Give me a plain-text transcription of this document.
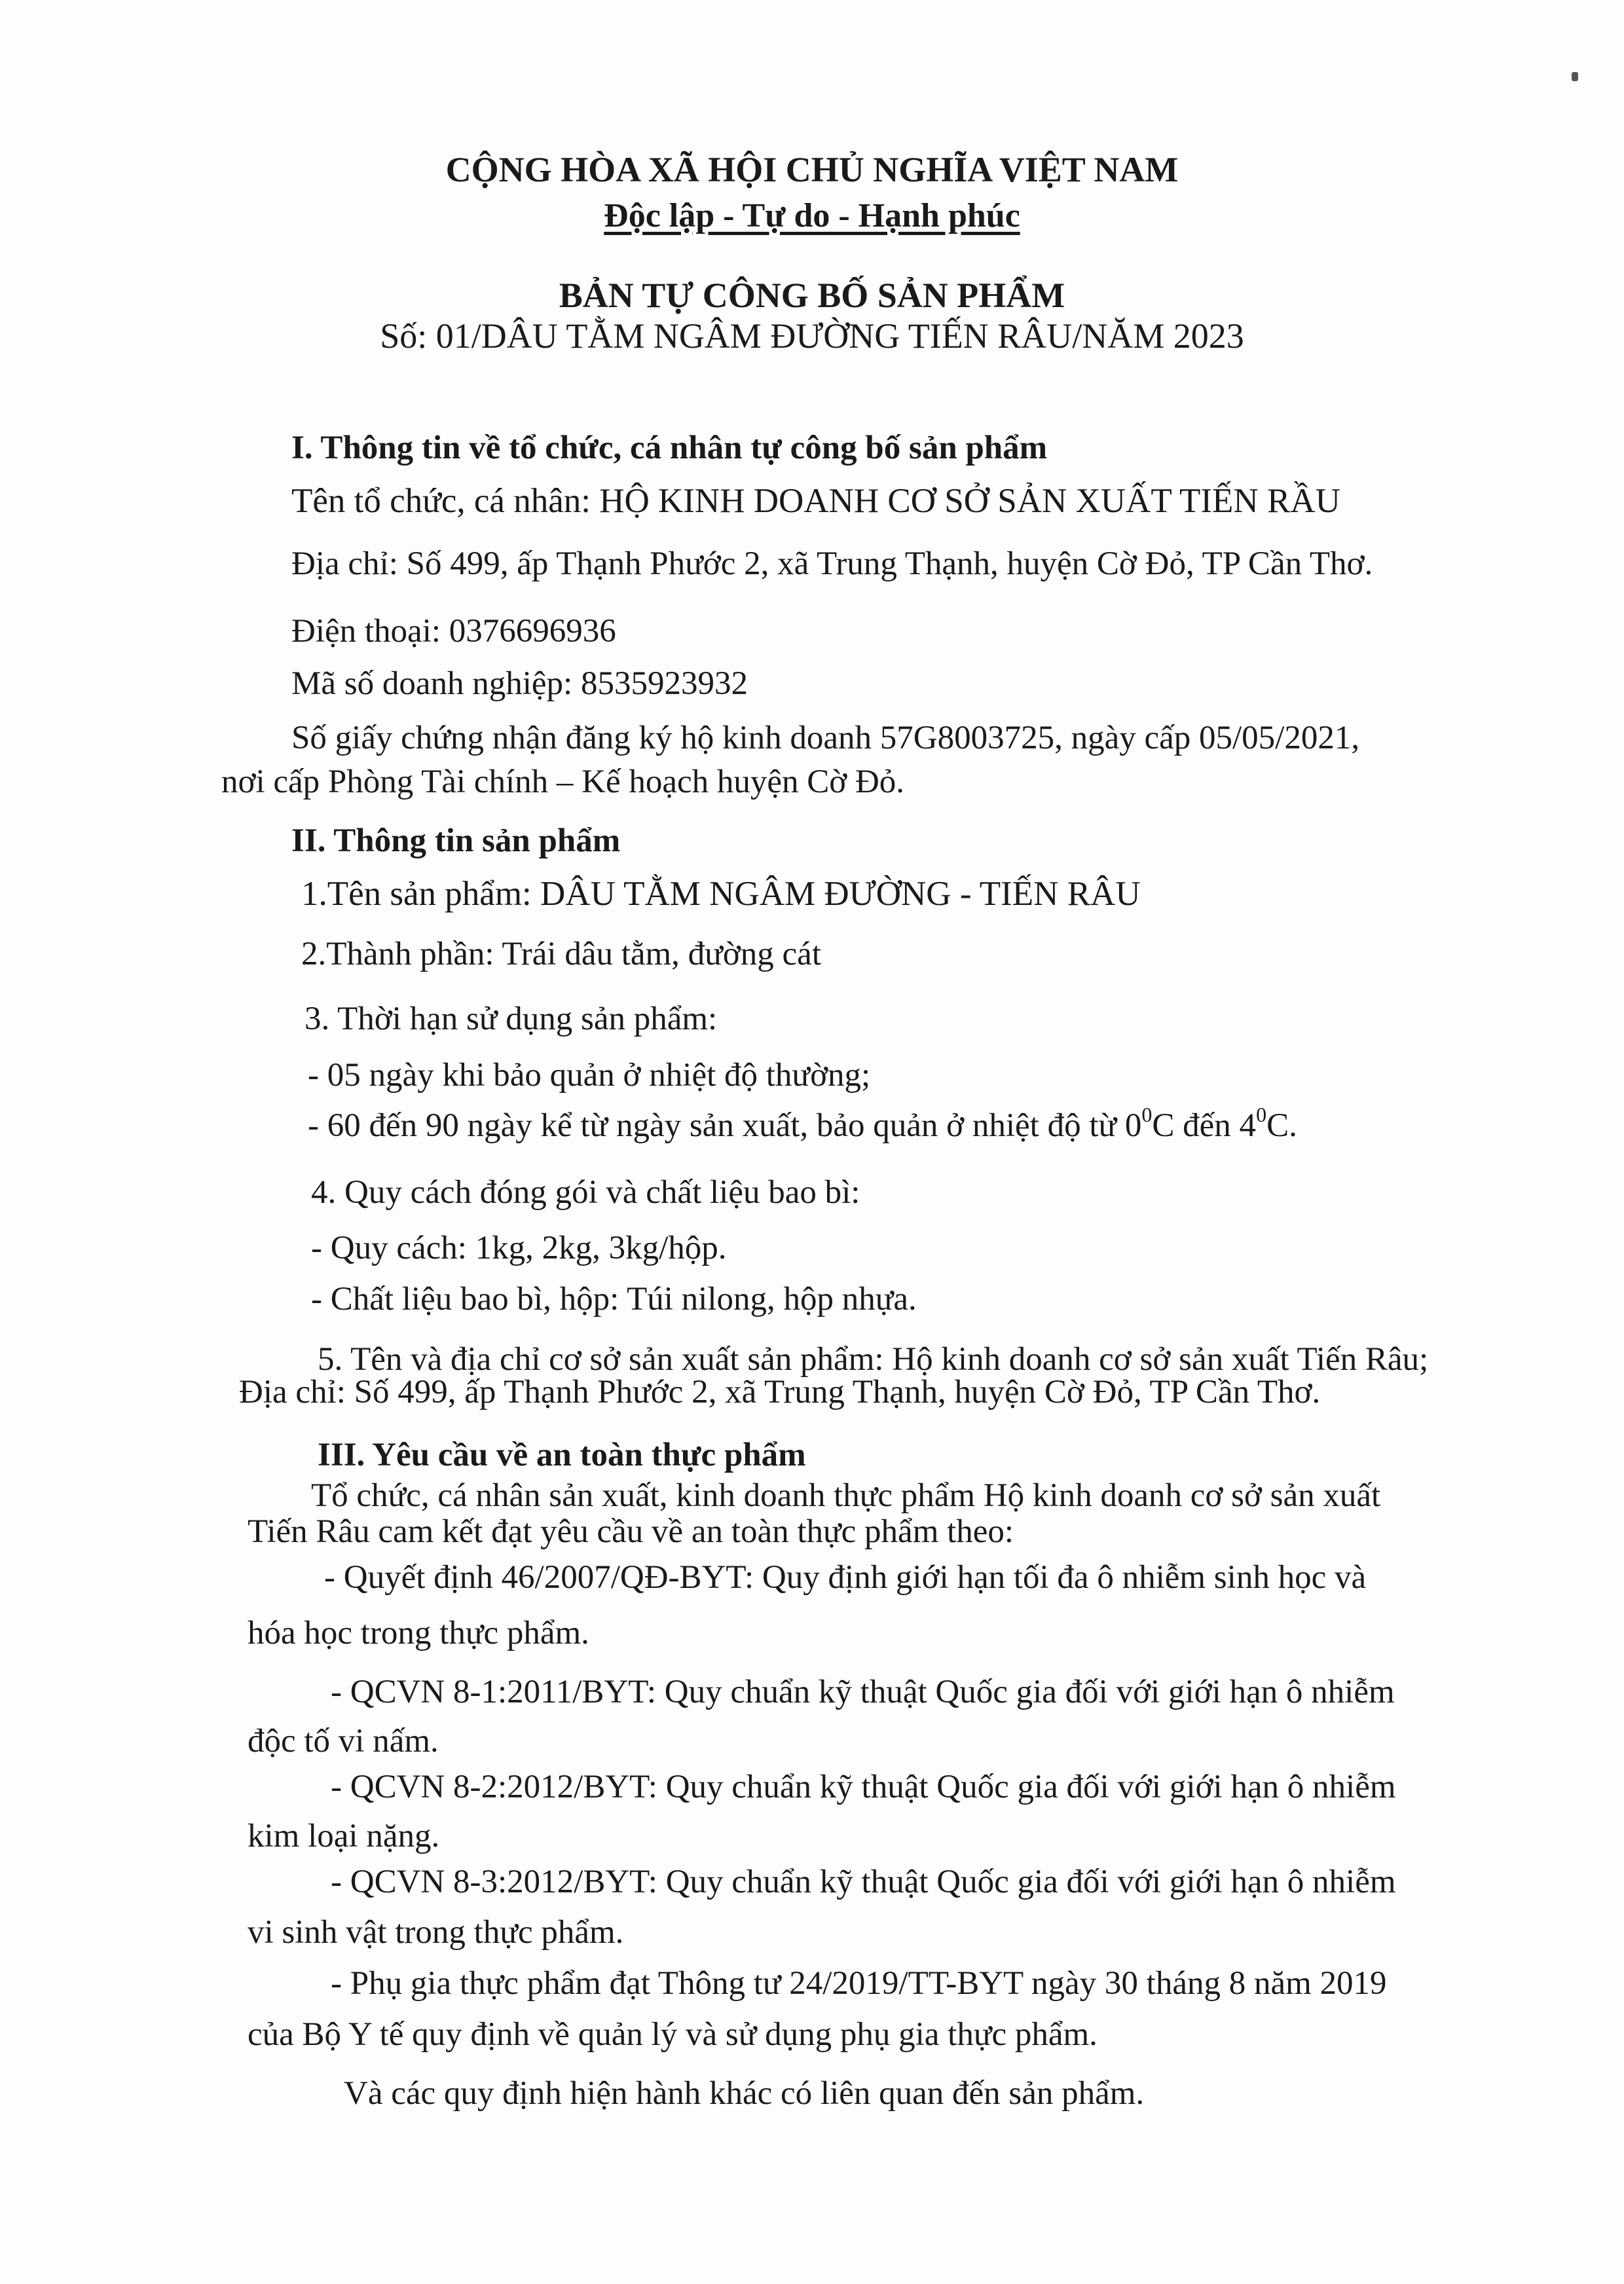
CỘNG HÒA XÃ HỘI CHỦ NGHĨA VIỆT NAM
Độc lập - Tự do - Hạnh phúc
BẢN TỰ CÔNG BỐ SẢN PHẨM
Số: 01/DÂU TẰM NGÂM ĐƯỜNG TIẾN RÂU/NĂM 2023
I. Thông tin về tổ chức, cá nhân tự công bố sản phẩm
Tên tổ chức, cá nhân: HỘ KINH DOANH CƠ SỞ SẢN XUẤT TIẾN RẦU
Địa chỉ: Số 499, ấp Thạnh Phước 2, xã Trung Thạnh, huyện Cờ Đỏ, TP Cần Thơ.
Điện thoại: 0376696936
Mã số doanh nghiệp: 8535923932
Số giấy chứng nhận đăng ký hộ kinh doanh 57G8003725, ngày cấp 05/05/2021,
nơi cấp Phòng Tài chính – Kế hoạch huyện Cờ Đỏ.
II. Thông tin sản phẩm
1.Tên sản phẩm: DÂU TẰM NGÂM ĐƯỜNG - TIẾN RÂU
2.Thành phần: Trái dâu tằm, đường cát
3. Thời hạn sử dụng sản phẩm:
- 05 ngày khi bảo quản ở nhiệt độ thường;
- 60 đến 90 ngày kể từ ngày sản xuất, bảo quản ở nhiệt độ từ $0^0C$ đến $4^0C$.
4. Quy cách đóng gói và chất liệu bao bì:
- Quy cách: 1kg, 2kg, 3kg/hộp.
- Chất liệu bao bì, hộp: Túi nilong, hộp nhựa.
5. Tên và địa chỉ cơ sở sản xuất sản phẩm: Hộ kinh doanh cơ sở sản xuất Tiến Râu;
Địa chỉ: Số 499, ấp Thạnh Phước 2, xã Trung Thạnh, huyện Cờ Đỏ, TP Cần Thơ.
III. Yêu cầu về an toàn thực phẩm
Tổ chức, cá nhân sản xuất, kinh doanh thực phẩm Hộ kinh doanh cơ sở sản xuất
Tiến Râu cam kết đạt yêu cầu về an toàn thực phẩm theo:
- Quyết định 46/2007/QĐ-BYT: Quy định giới hạn tối đa ô nhiễm sinh học và
hóa học trong thực phẩm.
- QCVN 8-1:2011/BYT: Quy chuẩn kỹ thuật Quốc gia đối với giới hạn ô nhiễm
độc tố vi nấm.
- QCVN 8-2:2012/BYT: Quy chuẩn kỹ thuật Quốc gia đối với giới hạn ô nhiễm
kim loại nặng.
- QCVN 8-3:2012/BYT: Quy chuẩn kỹ thuật Quốc gia đối với giới hạn ô nhiễm
vi sinh vật trong thực phẩm.
- Phụ gia thực phẩm đạt Thông tư 24/2019/TT-BYT ngày 30 tháng 8 năm 2019
của Bộ Y tế quy định về quản lý và sử dụng phụ gia thực phẩm.
Và các quy định hiện hành khác có liên quan đến sản phẩm.
